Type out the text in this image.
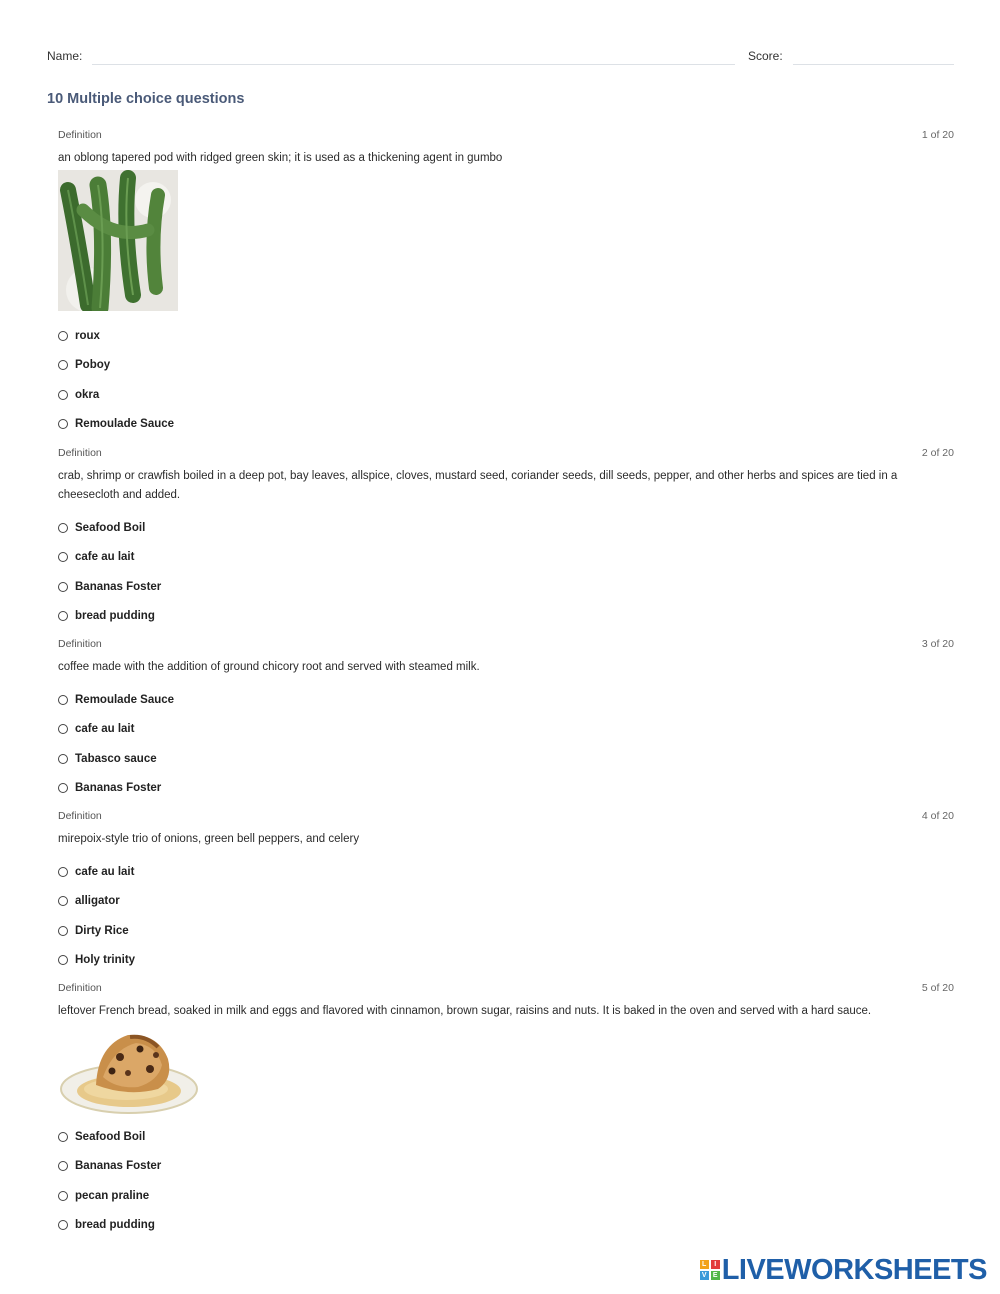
Name:	Score:
10 Multiple choice questions
Definition	1 of 20
an oblong tapered pod with ridged green skin; it is used as a thickening agent in gumbo
roux
Poboy
okra
Remoulade Sauce
Definition	2 of 20
crab, shrimp or crawfish boiled in a deep pot, bay leaves, allspice, cloves, mustard seed, coriander seeds, dill seeds, pepper, and other herbs and spices are tied in a cheesecloth and added.
Seafood Boil
cafe au lait
Bananas Foster
bread pudding
Definition	3 of 20
coffee made with the addition of ground chicory root and served with steamed milk.
Remoulade Sauce
cafe au lait
Tabasco sauce
Bananas Foster
Definition	4 of 20
mirepoix-style trio of onions, green bell peppers, and celery
cafe au lait
alligator
Dirty Rice
Holy trinity
Definition	5 of 20
leftover French bread, soaked in milk and eggs and flavored with cinnamon, brown sugar, raisins and nuts. It is baked in the oven and served with a hard sauce.
Seafood Boil
Bananas Foster
pecan praline
bread pudding
L	I
V E LIVEWORKSHEETS
